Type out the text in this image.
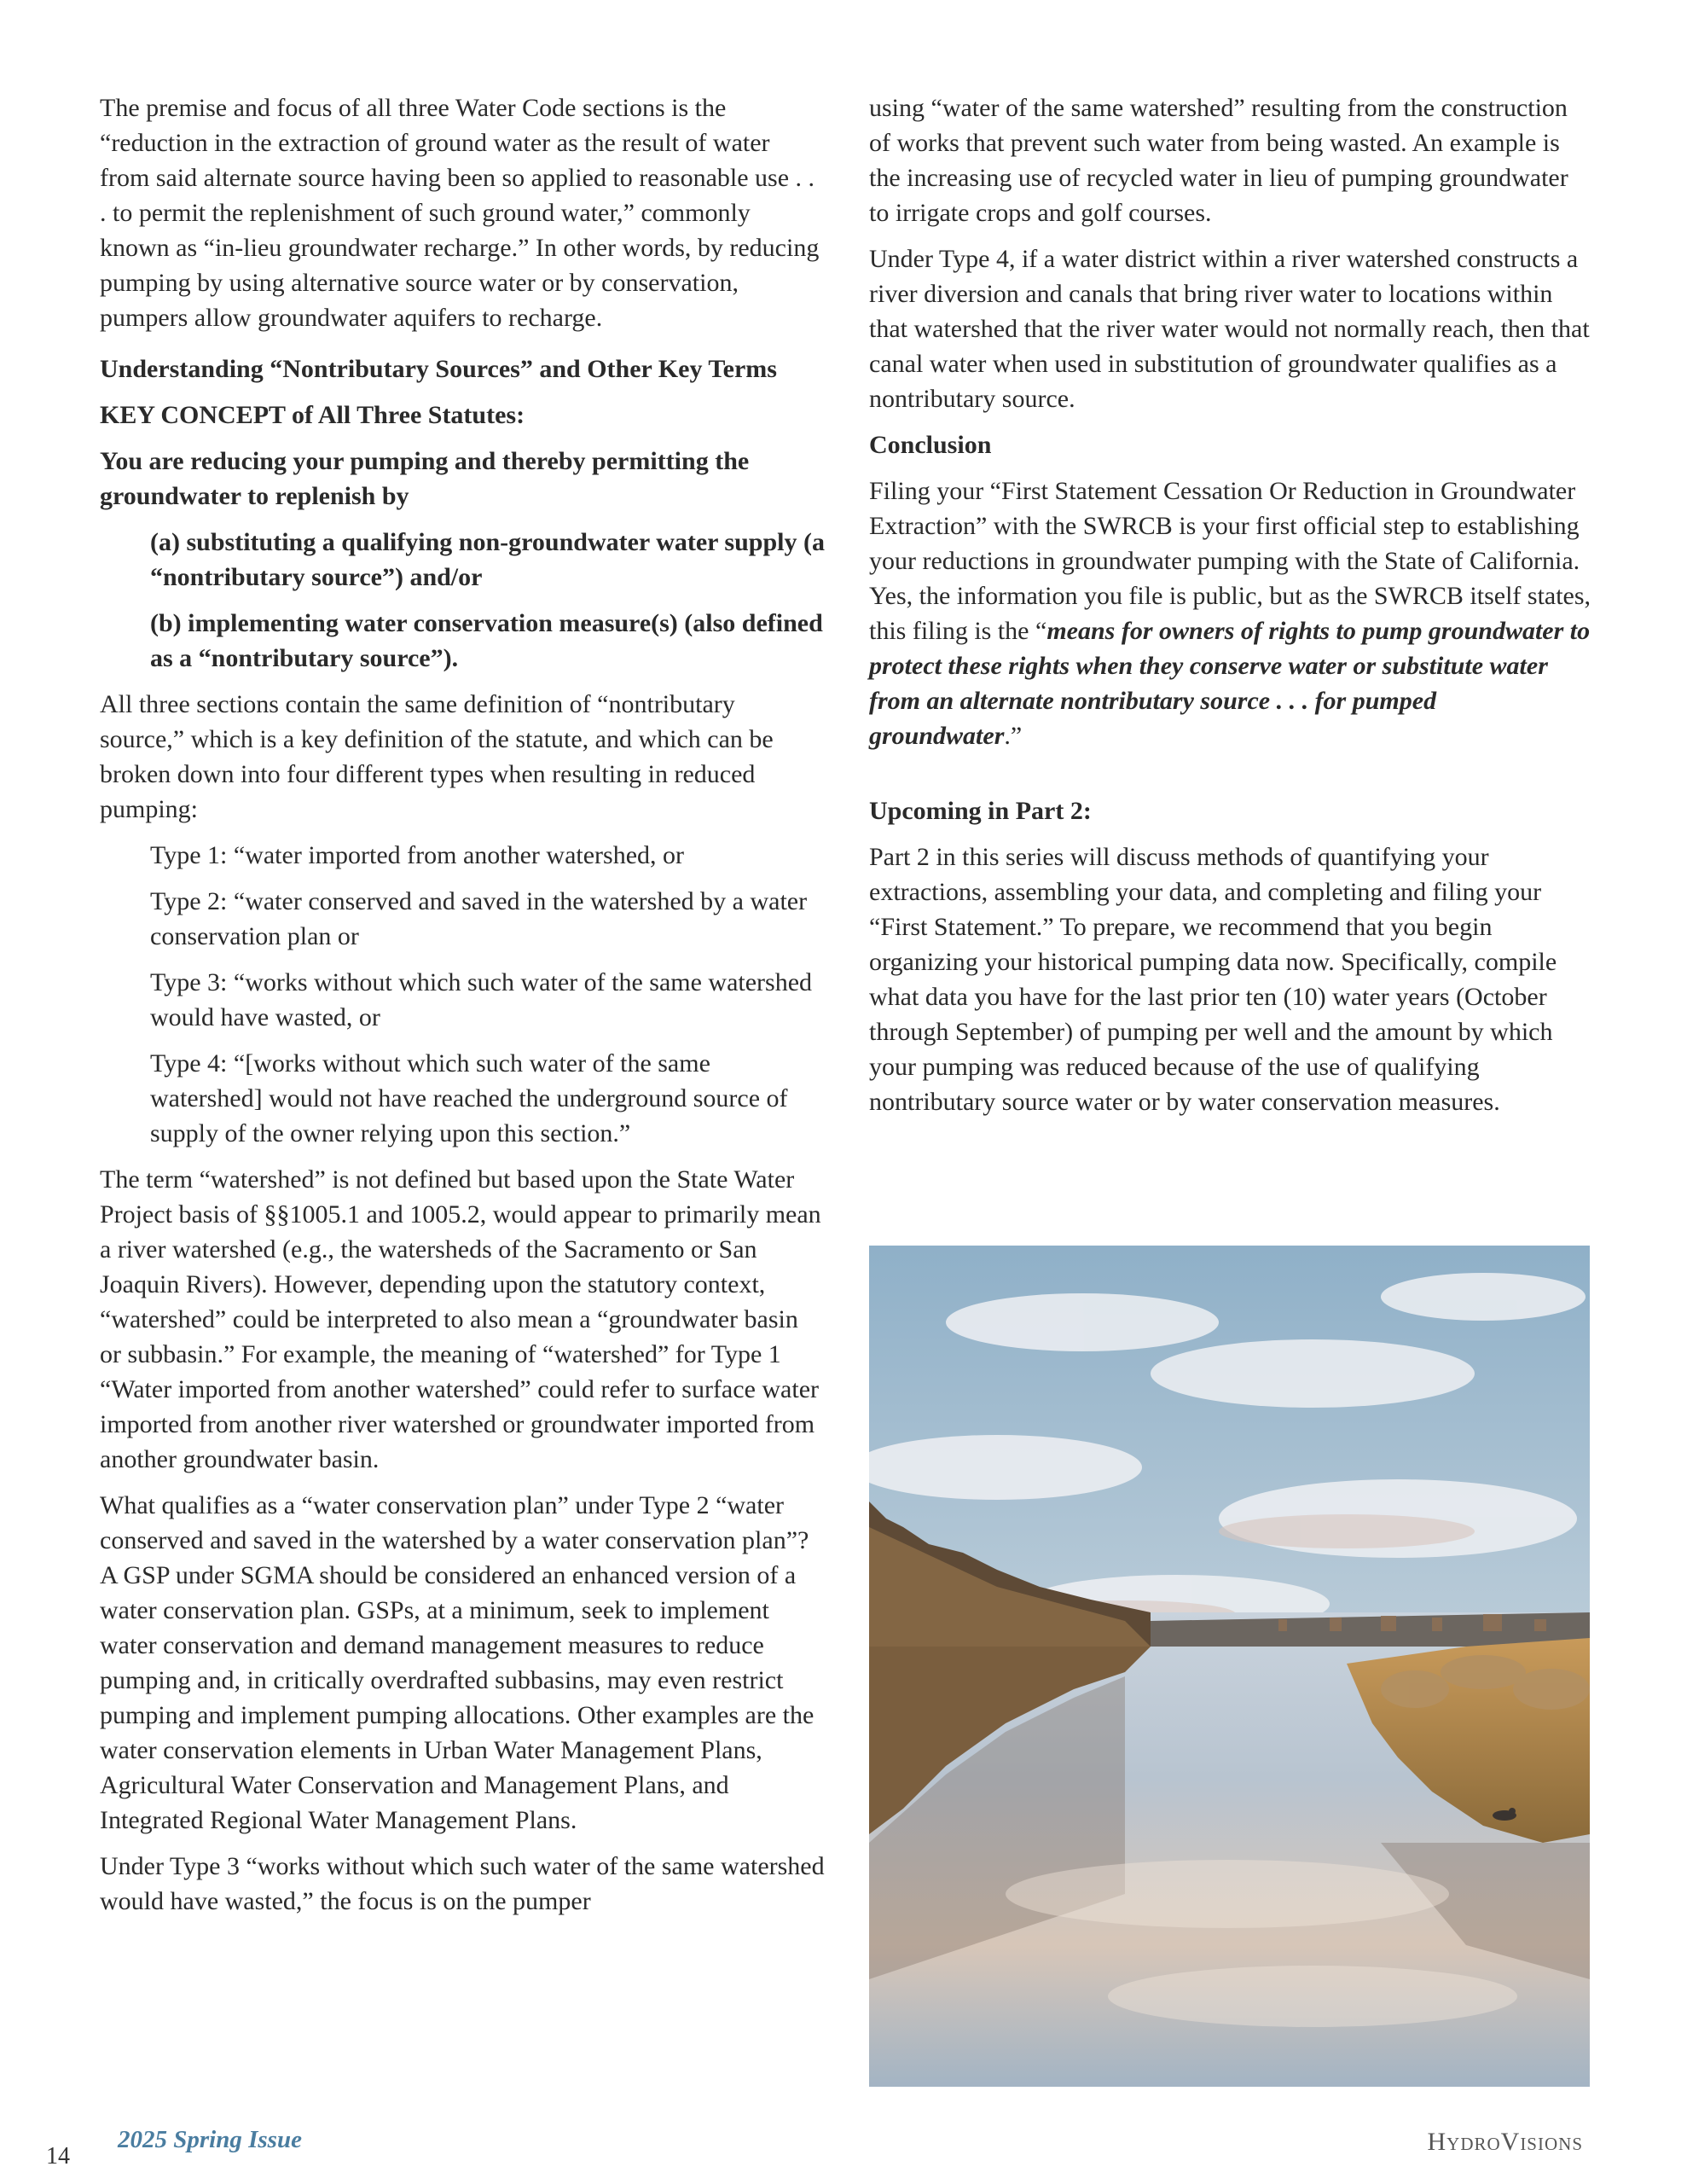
The premise and focus of all three Water Code sections is the “reduction in the extraction of ground water as the result of water from said alternate source having been so applied to reasonable use . . . to permit the replenishment of such ground water,” commonly known as “in-lieu groundwater recharge.” In other words, by reducing pumping by using alternative source water or by conservation, pumpers allow groundwater aquifers to recharge.

Understanding “Nontributary Sources” and Other Key Terms

KEY CONCEPT of All Three Statutes:

You are reducing your pumping and thereby permitting the groundwater to replenish by

(a) substituting a qualifying non-groundwater water supply (a “nontributary source”) and/or

(b) implementing water conservation measure(s) (also defined as a “nontributary source”).

All three sections contain the same definition of “nontributary source,” which is a key definition of the statute, and which can be broken down into four different types when resulting in reduced pumping:

Type 1: “water imported from another watershed, or

Type 2: “water conserved and saved in the watershed by a water conservation plan or

Type 3: “works without which such water of the same watershed would have wasted, or

Type 4: “[works without which such water of the same watershed] would not have reached the underground source of supply of the owner relying upon this section.”

The term “watershed” is not defined but based upon the State Water Project basis of §§1005.1 and 1005.2, would appear to primarily mean a river watershed (e.g., the watersheds of the Sacramento or San Joaquin Rivers). However, depending upon the statutory context, “watershed” could be interpreted to also mean a “groundwater basin or subbasin.” For example, the meaning of “watershed” for Type 1 “Water imported from another watershed” could refer to surface water imported from another river watershed or groundwater imported from another groundwater basin.

What qualifies as a “water conservation plan” under Type 2 “water conserved and saved in the watershed by a water conservation plan”? A GSP under SGMA should be considered an enhanced version of a water conservation plan. GSPs, at a minimum, seek to implement water conservation and demand management measures to reduce pumping and, in critically overdrafted subbasins, may even restrict pumping and implement pumping allocations. Other examples are the water conservation elements in Urban Water Management Plans, Agricultural Water Conservation and Management Plans, and Integrated Regional Water Management Plans.

Under Type 3 “works without which such water of the same watershed would have wasted,” the focus is on the pumper

using “water of the same watershed” resulting from the construction of works that prevent such water from being wasted. An example is the increasing use of recycled water in lieu of pumping groundwater to irrigate crops and golf courses.

Under Type 4, if a water district within a river watershed constructs a river diversion and canals that bring river water to locations within that watershed that the river water would not normally reach, then that canal water when used in substitution of groundwater qualifies as a nontributary source.

Conclusion

Filing your “First Statement Cessation Or Reduction in Groundwater Extraction” with the SWRCB is your first official step to establishing your reductions in groundwater pumping with the State of California. Yes, the information you file is public, but as the SWRCB itself states, this filing is the “means for owners of rights to pump groundwater to protect these rights when they conserve water or substitute water from an alternate nontributary source . . . for pumped groundwater.”

Upcoming in Part 2:

Part 2 in this series will discuss methods of quantifying your extractions, assembling your data, and completing and filing your “First Statement.” To prepare, we recommend that you begin organizing your historical pumping data now. Specifically, compile what data you have for the last prior ten (10) water years (October through September) of pumping per well and the amount by which your pumping was reduced because of the use of qualifying nontributary source water or by water conservation measures.

14
2025 Spring Issue	HydroVisions
